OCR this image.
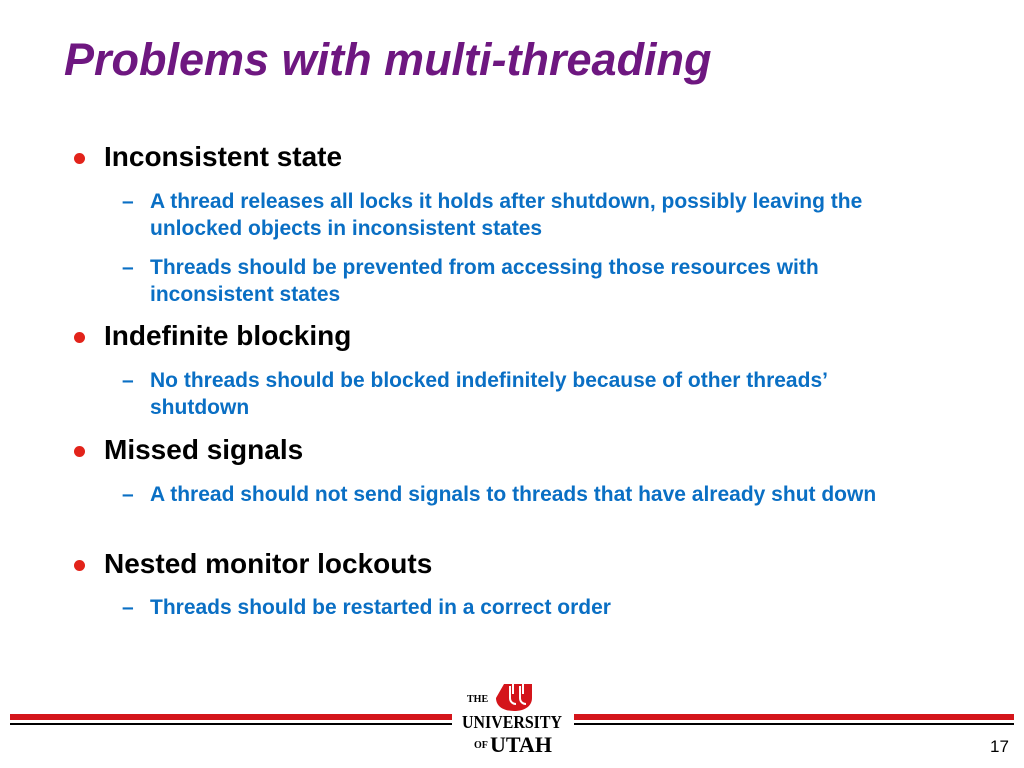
Problems with multi-threading
Inconsistent state
– A thread releases all locks it holds after shutdown, possibly leaving the unlocked objects in inconsistent states
– Threads should be prevented from accessing those resources with inconsistent states
Indefinite blocking
– No threads should be blocked indefinitely because of other threads’ shutdown
Missed signals
– A thread should not send signals to threads that have already shut down
Nested monitor lockouts
– Threads should be restarted in a correct order
THE
UNIVERSITY
OF UTAH	17
